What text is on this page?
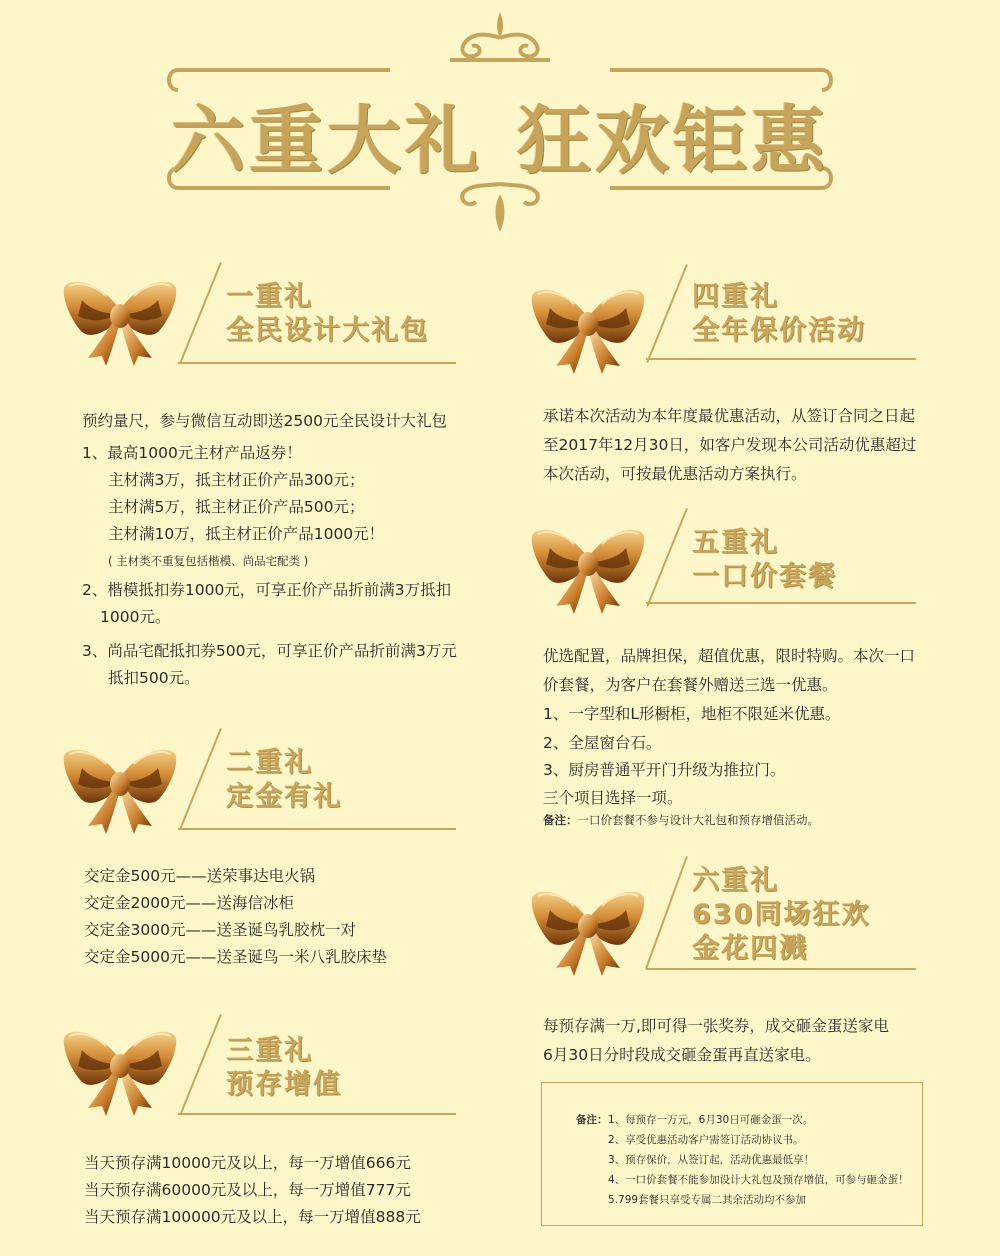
六重大礼 狂欢钜惠
一重礼
全民设计大礼包
预约量尺，参与微信互动即送2500元全民设计大礼包
1、最高1000元主材产品返券！
主材满3万，抵主材正价产品300元；
主材满5万，抵主材正价产品500元；
主材满10万，抵主材正价产品1000元！
( 主材类不重复包括楷模、尚品宅配类 )
2、楷模抵扣券1000元，可享正价产品折前满3万抵扣
1000元。
3、尚品宅配抵扣券500元，可享正价产品折前满3万元
抵扣500元。
二重礼
定金有礼
交定金500元——送荣事达电火锅
交定金2000元——送海信冰柜
交定金3000元——送圣诞鸟乳胶枕一对
交定金5000元——送圣诞鸟一米八乳胶床垫
三重礼
预存增值
当天预存满10000元及以上，每一万增值666元
当天预存满60000元及以上，每一万增值777元
当天预存满100000元及以上，每一万增值888元
四重礼
全年保价活动
承诺本次活动为本年度最优惠活动，从签订合同之日起
至2017年12月30日，如客户发现本公司活动优惠超过
本次活动，可按最优惠活动方案执行。
五重礼
一口价套餐
优选配置，品牌担保，超值优惠，限时特购。本次一口
价套餐，为客户在套餐外赠送三选一优惠。
1、一字型和L形橱柜，地柜不限延米优惠。
2、全屋窗台石。
3、厨房普通平开门升级为推拉门。
三个项目选择一项。
备注：一口价套餐不参与设计大礼包和预存增值活动。
六重礼
630同场狂欢
金花四溅
每预存满一万,即可得一张奖券，成交砸金蛋送家电
6月30日分时段成交砸金蛋再直送家电。
备注： 1、每预存一万元，6月30日可砸金蛋一次。
2、享受优惠活动客户需签订活动协议书。
3、预存保价，从签订起，活动优惠最低享！
4、一口价套餐不能参加设计大礼包及预存增值，可参与砸金蛋！
5.799套餐只享受专属二其余活动均不参加
